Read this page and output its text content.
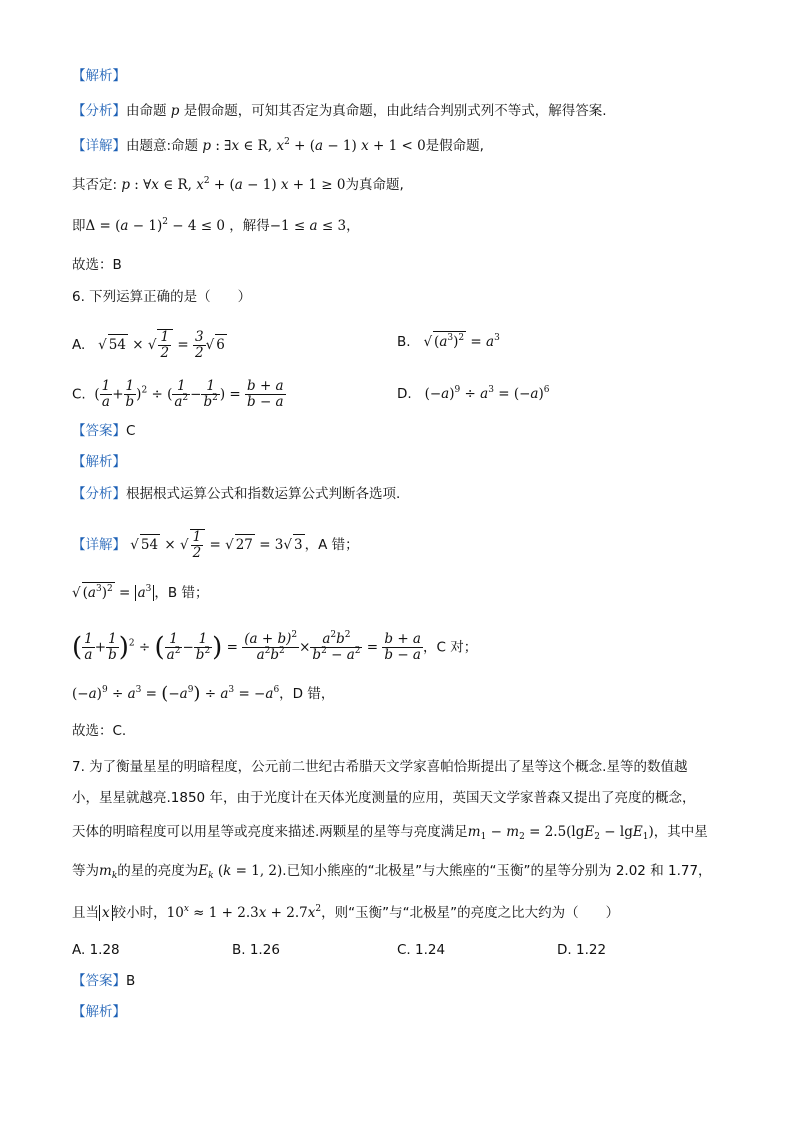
【解析】
【分析】由命题 p 是假命题，可知其否定为真命题，由此结合判别式列不等式，解得答案.
【详解】由题意:命题 p : ∃x ∈ R, $x^2 + (a - 1) x + 1 < 0$是假命题,
其否定: p : ∀x ∈ R, $x^2 + (a - 1) x + 1 \ge 0$为真命题,
即$\Delta = (a - 1)^2 - 4 \le 0$ ，解得−1 ≤ a ≤ 3，
故选：B
6. 下列运算正确的是（　　）
A. √ 54 × √ $\frac{1}{2} = \frac{3}{2}$ √ 6	B. √ $(a^3)^2 = a^3$
C. ( $\frac{1}{a} + \frac{1}{b} )^2$ ÷ ( $\frac{1}{a^2} - \frac{1}{b^2}$ ) = $\frac{b + a}{b - a}$	D. $(-a)^9 \div a^3 = (-a)^6$
【答案】C
【解析】
【分析】根据根式运算公式和指数运算公式判断各选项.
【详解】 √ 54 × √ $\frac{1}{2}$ = √ 27 = 3√ 3 ，A 错；
√ $(a^3)^2 = a^3$ ，B 错；
( $\frac{1}{a} + \frac{1}{b} )^2$ ÷ ( $\frac{1}{a^2} - \frac{1}{b^2}$ ) = $\frac{(a + b)^2}{a^2b^2} \times \frac{a^2b^2}{b^2 - a^2} = \frac{b + a}{b - a}$ ，C 对；
$(-a)^9 \div a^3 = (-a^9) \div a^3 = -a^6$，D 错，
故选：C.
7. 为了衡量星星的明暗程度，公元前二世纪古希腊天文学家喜帕恰斯提出了星等这个概念.星等的数值越
小，星星就越亮.1850 年，由于光度计在天体光度测量的应用，英国天文学家普森又提出了亮度的概念，
天体的明暗程度可以用星等或亮度来描述.两颗星的星等与亮度满足$m_1 - m_2 = 2.5(\lg E_2 - \lg E_1)$，其中星
等为$m_k$的星的亮度为$E_k$ (k = 1, 2).已知小熊座的“北极星”与大熊座的“玉衡”的星等分别为 2.02 和 1.77，
且当 x 较小时，$10^x \approx 1 + 2.3x + 2.7x^2$，则“玉衡”与“北极星”的亮度之比大约为（　　）
A. 1.28	B. 1.26	C. 1.24	D. 1.22
【答案】B
【解析】
